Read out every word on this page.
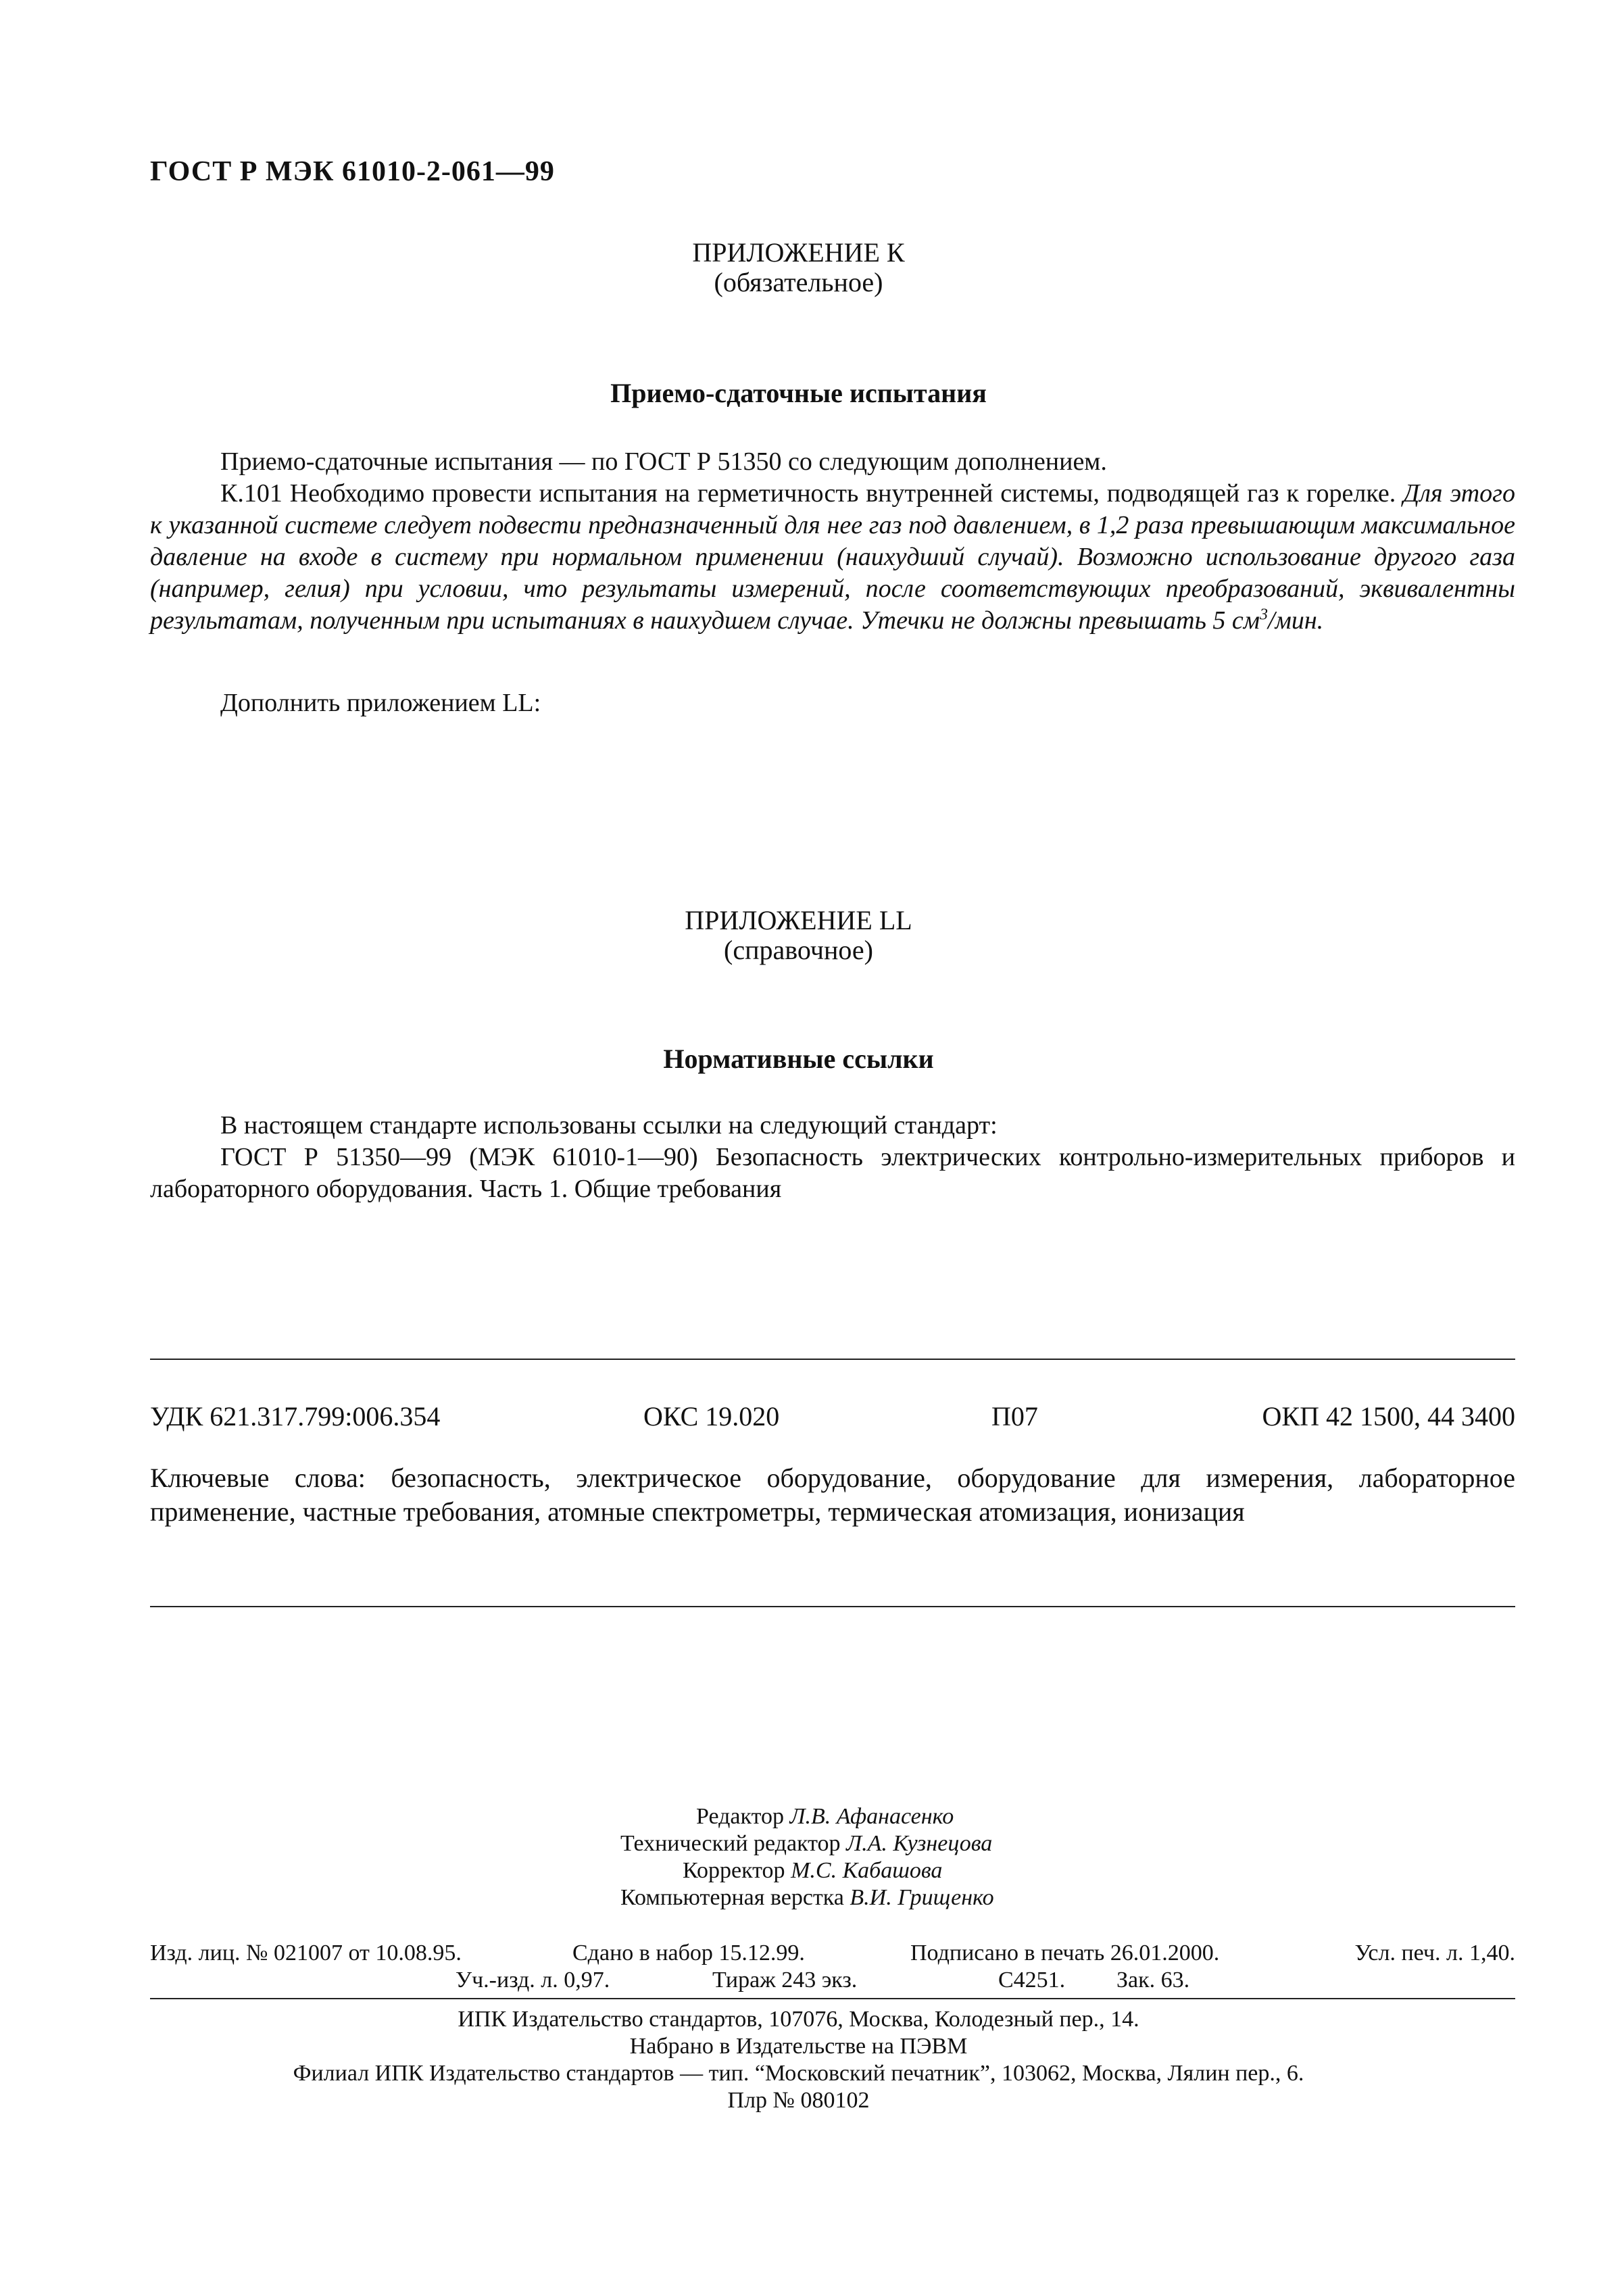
ГОСТ Р МЭК 61010-2-061—99
ПРИЛОЖЕНИЕ К
(обязательное)
Приемо-сдаточные испытания

Приемо-сдаточные испытания — по ГОСТ Р 51350 со следующим дополнением.

К.101 Необходимо провести испытания на герметичность внутренней системы, подводящей газ к горелке. Для этого к указанной системе следует подвести предназначенный для нее газ под давлением, в 1,2 раза превышающим максимальное давление на входе в систему при нормальном применении (наихудший случай). Возможно использование другого газа (например, гелия) при условии, что результаты измерений, после соответствующих преобразований, эквивалентны результатам, полученным при испытаниях в наихудшем случае. Утечки не должны превышать 5 $см^3$/мин.

Дополнить приложением LL:

ПРИЛОЖЕНИЕ LL
(справочное)
Нормативные ссылки

В настоящем стандарте использованы ссылки на следующий стандарт:

ГОСТ Р 51350—99 (МЭК 61010-1—90) Безопасность электрических контрольно-измерительных приборов и лабораторного оборудования. Часть 1. Общие требования

УДК 621.317.799:006.354	ОКС 19.020	П07	ОКП 42 1500, 44 3400

Ключевые слова: безопасность, электрическое оборудование, оборудование для измерения, лабораторное применение, частные требования, атомные спектрометры, термическая атомизация, ионизация

Редактор Л.В. Афанасенко
Технический редактор Л.А. Кузнецова
Корректор М.С. Кабашова
Компьютерная верстка В.И. Грищенко
Изд. лиц. № 021007 от 10.08.95.	Сдано в набор 15.12.99.	Подписано в печать 26.01.2000.	Усл. печ. л. 1,40.
Уч.-изд. л. 0,97.	Тираж 243 экз.	С4251. Зак. 63.
ИПК Издательство стандартов, 107076, Москва, Колодезный пер., 14.
Набрано в Издательстве на ПЭВМ
Филиал ИПК Издательство стандартов — тип. “Московский печатник”, 103062, Москва, Лялин пер., 6.
Плр № 080102
